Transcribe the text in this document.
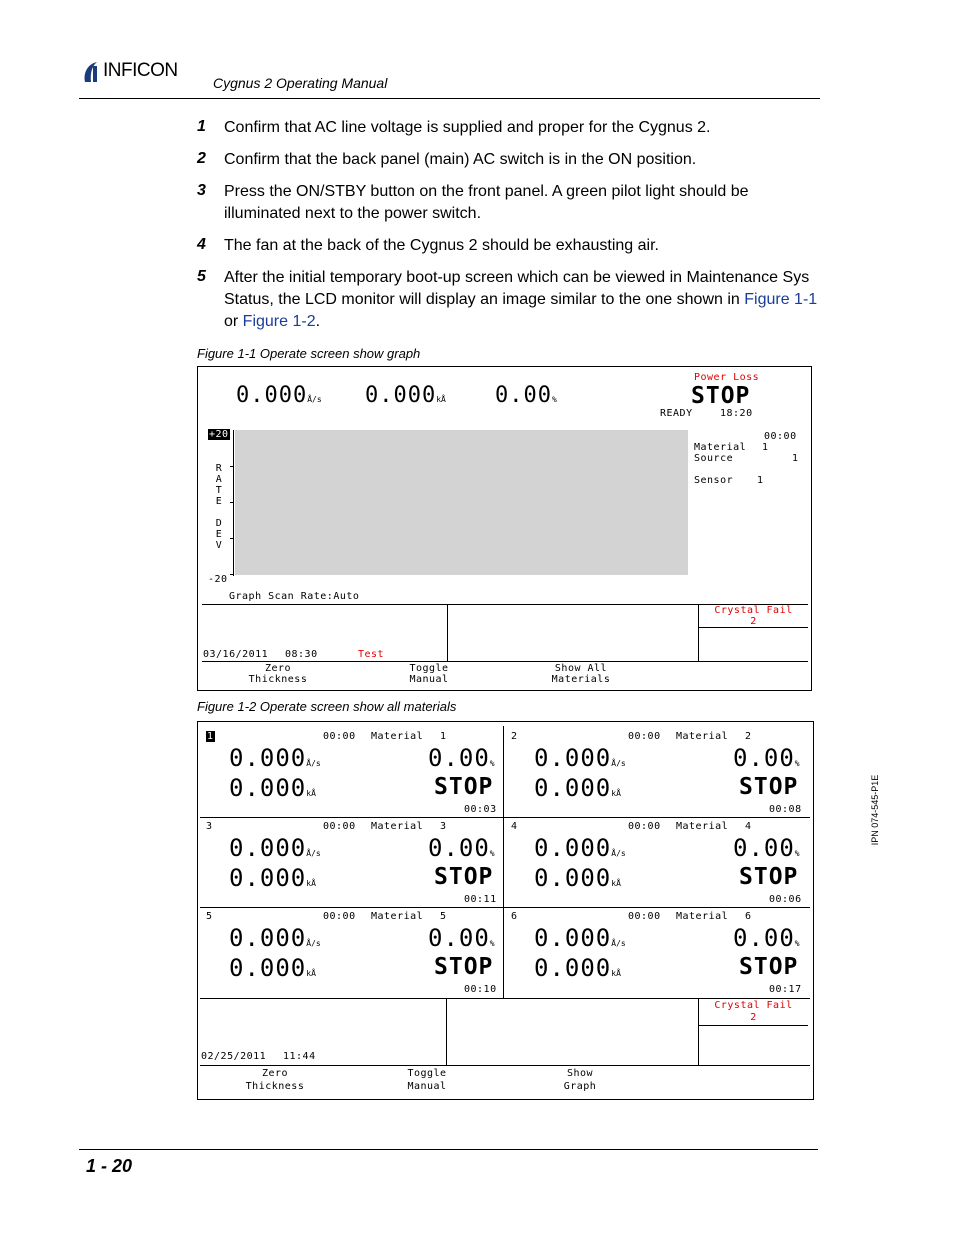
INFICON
Cygnus 2 Operating Manual
1 Confirm that AC line voltage is supplied and proper for the Cygnus 2.
2 Confirm that the back panel (main) AC switch is in the ON position.
3 Press the ON/STBY button on the front panel. A green pilot light should be illuminated next to the power switch.
4 The fan at the back of the Cygnus 2 should be exhausting air.
5 After the initial temporary boot-up screen which can be viewed in Maintenance Sys Status, the LCD monitor will display an image similar to the one shown in Figure 1-1 or Figure 1-2.
Figure 1-1 Operate screen show graph
0.000Å/s 0.000kÅ 0.00%
Power Loss
STOP
READY	18:20
+20
-20
R
A
T
E

D
E
V
00:00
Material 1
Source	1
Sensor 1
Graph Scan Rate:Auto
Crystal Fail
2
03/16/2011 08:30	Test
Zero
Thickness
Toggle
Manual
Show All
Materials
Figure 1-2 Operate screen show all materials
1	00:00 Material 1
0.000Å/s	0.00%
0.000kÅ	STOP
00:03
2	00:00 Material 2
0.000Å/s	0.00%
0.000kÅ	STOP
00:08
3	00:00 Material 3
0.000Å/s	0.00%
0.000kÅ	STOP
00:11
4	00:00 Material 4
0.000Å/s	0.00%
0.000kÅ	STOP
00:06
5	00:00 Material 5
0.000Å/s	0.00%
0.000kÅ	STOP
00:10
6	00:00 Material 6
0.000Å/s	0.00%
0.000kÅ	STOP
00:17
Crystal Fail
2
02/25/2011 11:44
Zero
Thickness
Toggle
Manual
Show
Graph
IPN 074-545-P1E
1 - 20
